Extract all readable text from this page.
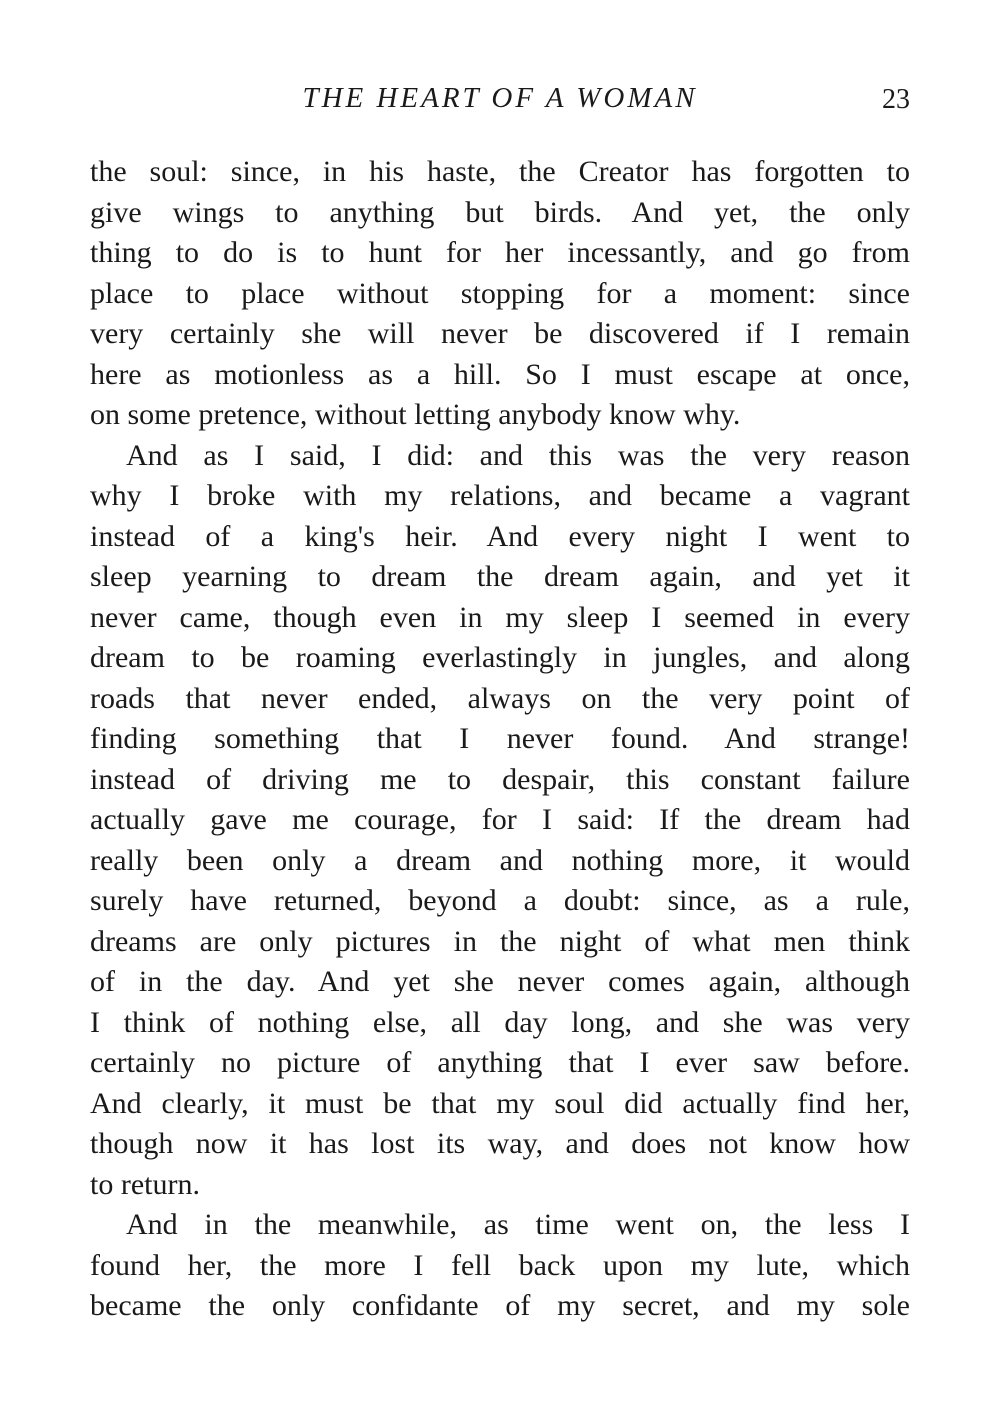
THE HEART OF A WOMAN	23
the soul: since, in his haste, the Creator has forgotten to
give wings to anything but birds. And yet, the only
thing to do is to hunt for her incessantly, and go from
place to place without stopping for a moment: since
very certainly she will never be discovered if I remain
here as motionless as a hill. So I must escape at once,
on some pretence, without letting anybody know why.
And as I said, I did: and this was the very reason
why I broke with my relations, and became a vagrant
instead of a king's heir. And every night I went to
sleep yearning to dream the dream again, and yet it
never came, though even in my sleep I seemed in every
dream to be roaming everlastingly in jungles, and along
roads that never ended, always on the very point of
finding something that I never found. And strange!
instead of driving me to despair, this constant failure
actually gave me courage, for I said: If the dream had
really been only a dream and nothing more, it would
surely have returned, beyond a doubt: since, as a rule,
dreams are only pictures in the night of what men think
of in the day. And yet she never comes again, although
I think of nothing else, all day long, and she was very
certainly no picture of anything that I ever saw before.
And clearly, it must be that my soul did actually find her,
though now it has lost its way, and does not know how
to return.
And in the meanwhile, as time went on, the less I
found her, the more I fell back upon my lute, which
became the only confidante of my secret, and my sole
